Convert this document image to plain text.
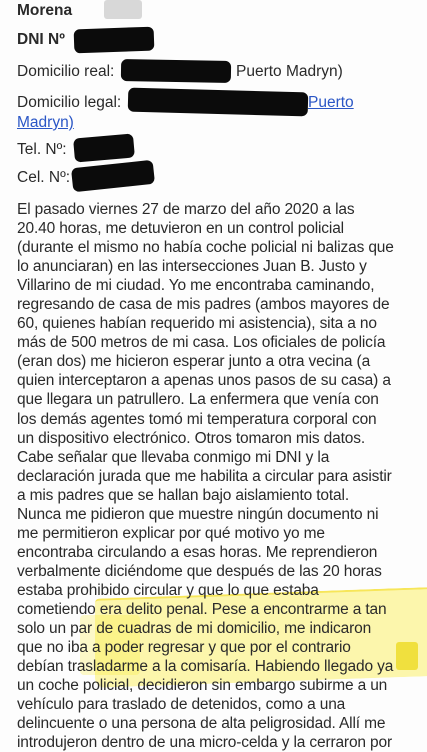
Morena
DNI Nº
Domicilio real:	Puerto Madryn)
Domicilio legal:	Puerto
Madryn)
Tel. Nº:
Cel. Nº:
El pasado viernes 27 de marzo del año 2020 a las
20.40 horas, me detuvieron en un control policial
(durante el mismo no había coche policial ni balizas que
lo anunciaran) en las intersecciones Juan B. Justo y
Villarino de mi ciudad. Yo me encontraba caminando,
regresando de casa de mis padres (ambos mayores de
60, quienes habían requerido mi asistencia), sita a no
más de 500 metros de mi casa. Los oficiales de policía
(eran dos) me hicieron esperar junto a otra vecina (a
quien interceptaron a apenas unos pasos de su casa) a
que llegara un patrullero. La enfermera que venía con
los demás agentes tomó mi temperatura corporal con
un dispositivo electrónico. Otros tomaron mis datos.
Cabe señalar que llevaba conmigo mi DNI y la
declaración jurada que me habilita a circular para asistir
a mis padres que se hallan bajo aislamiento total.
Nunca me pidieron que muestre ningún documento ni
me permitieron explicar por qué motivo yo me
encontraba circulando a esas horas. Me reprendieron
verbalmente diciéndome que después de las 20 horas
estaba prohibido circular y que lo que estaba
cometiendo era delito penal. Pese a encontrarme a tan
solo un par de cuadras de mi domicilio, me indicaron
que no iba a poder regresar y que por el contrario
debían trasladarme a la comisaría. Habiendo llegado ya
un coche policial, decidieron sin embargo subirme a un
vehículo para traslado de detenidos, como a una
delincuente o una persona de alta peligrosidad. Allí me
introdujeron dentro de una micro-celda y la cerraron por
